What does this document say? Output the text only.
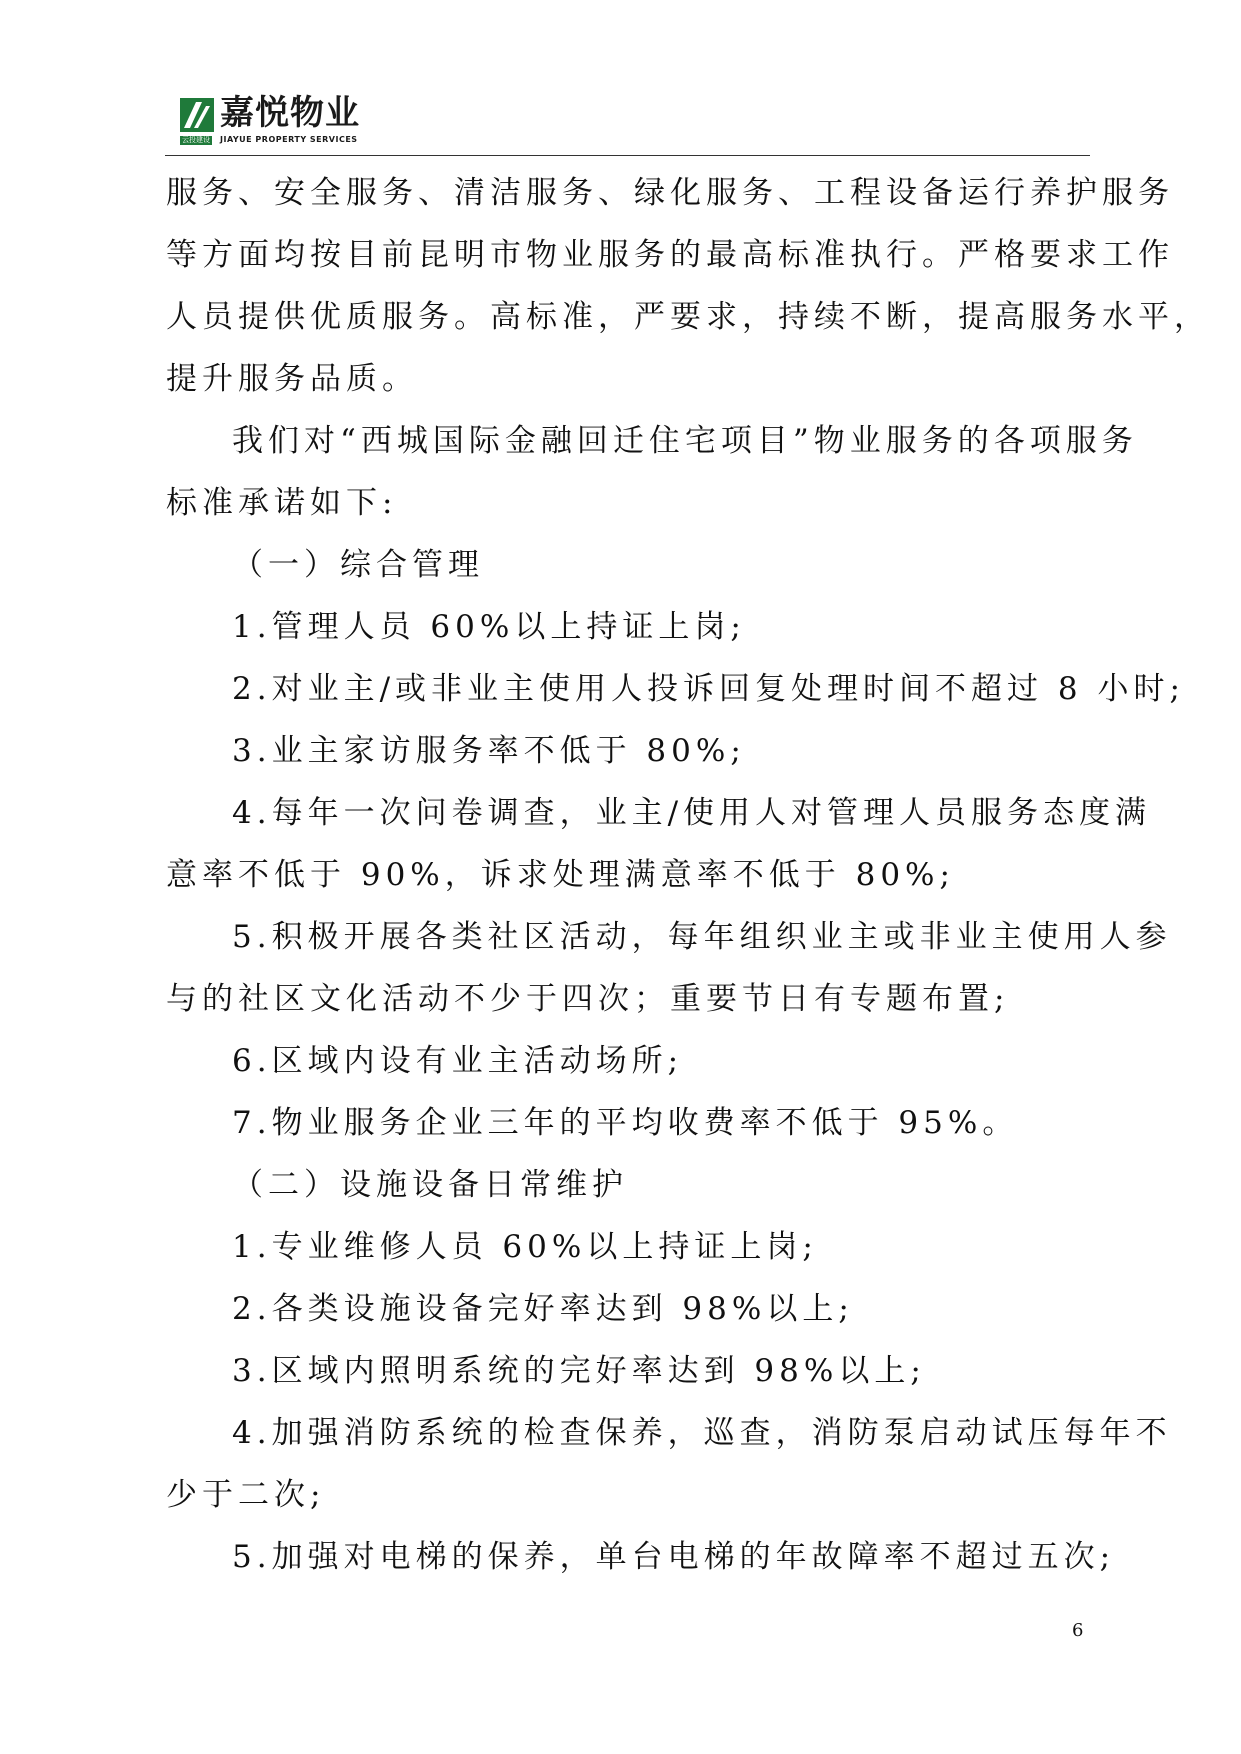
嘉悦物业
云投建设 JIAYUE PROPERTY SERVICES
服务、安全服务、清洁服务、绿化服务、工程设备运行养护服务
等方面均按目前昆明市物业服务的最高标准执行。严格要求工作
人员提供优质服务。高标准，严要求，持续不断，提高服务水平，
提升服务品质。
我们对“西城国际金融回迁住宅项目”物业服务的各项服务
标准承诺如下:
（一）综合管理
1.管理人员 60%以上持证上岗;
2.对业主/或非业主使用人投诉回复处理时间不超过 8 小时;
3.业主家访服务率不低于 80%;
4.每年一次问卷调查，业主/使用人对管理人员服务态度满
意率不低于 90%，诉求处理满意率不低于 80%;
5.积极开展各类社区活动，每年组织业主或非业主使用人参
与的社区文化活动不少于四次；重要节日有专题布置;
6.区域内设有业主活动场所;
7.物业服务企业三年的平均收费率不低于 95%。
（二）设施设备日常维护
1.专业维修人员 60%以上持证上岗;
2.各类设施设备完好率达到 98%以上;
3.区域内照明系统的完好率达到 98%以上;
4.加强消防系统的检查保养，巡查，消防泵启动试压每年不
少于二次;
5.加强对电梯的保养，单台电梯的年故障率不超过五次;
6
